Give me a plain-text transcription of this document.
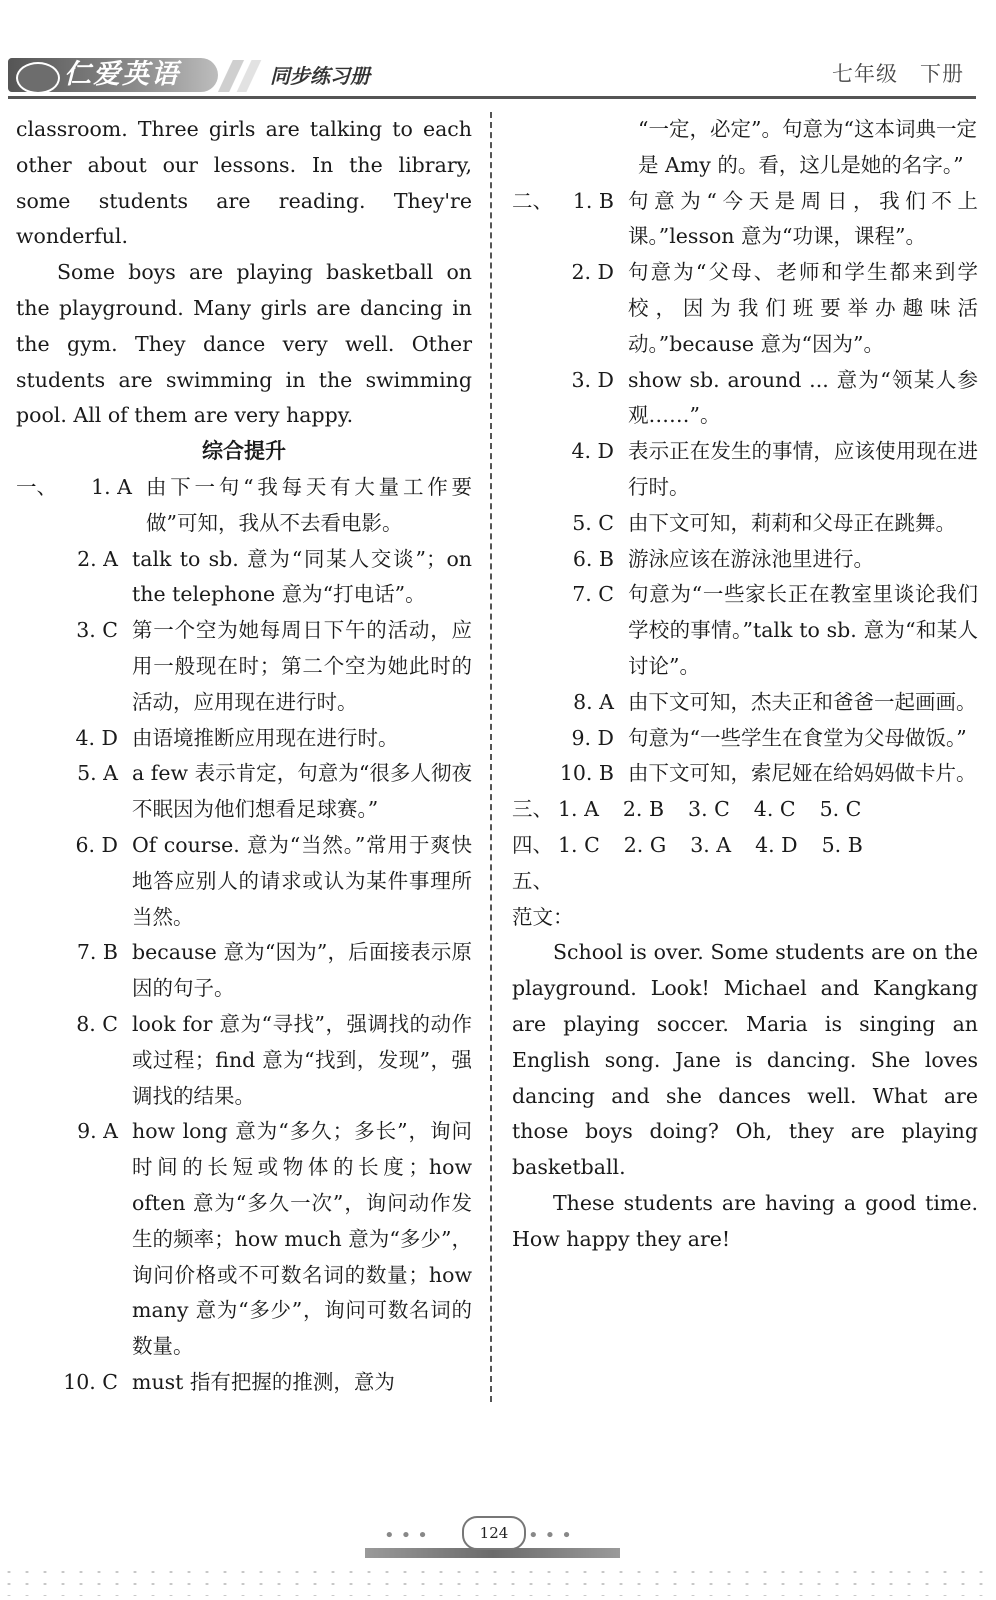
仁爱英语	同步练习册	七年级 下册

classroom. Three girls are talking to each other about our lessons. In the library, some students are reading. They're wonderful.

Some boys are playing basketball on the playground. Many girls are dancing in the gym. They dance very well. Other students are swimming in the swimming pool. All of them are very happy.

综合提升

一、	1. A 由下一句“我每天有大量工作要做”可知，我从不去看电影。
2. A talk to sb. 意为“同某人交谈”；on the telephone 意为“打电话”。
3. C 第一个空为她每周日下午的活动，应用一般现在时；第二个空为她此时的活动，应用现在进行时。
4. D 由语境推断应用现在进行时。
5. A a few 表示肯定，句意为“很多人彻夜不眠因为他们想看足球赛。”
6. D Of course. 意为“当然。”常用于爽快地答应别人的请求或认为某件事理所当然。
7. B because 意为“因为”，后面接表示原因的句子。
8. C look for 意为“寻找”，强调找的动作或过程；find 意为“找到，发现”，强调找的结果。
9. A how long 意为“多久；多长”，询问时间的长短或物体的长度；how often 意为“多久一次”，询问动作发生的频率；how much 意为“多少”，询问价格或不可数名词的数量；how many 意为“多少”，询问可数名词的数量。
10. C must 指有把握的推测，意为

“一定，必定”。句意为“这本词典一定是 Amy 的。看，这儿是她的名字。”

二、 1. B 句意为“今天是周日，我们不上课。”lesson 意为“功课，课程”。
2. D 句意为“父母、老师和学生都来到学校，因为我们班要举办趣味活动。”because 意为“因为”。
3. D show sb. around ... 意为“领某人参观……”。
4. D 表示正在发生的事情，应该使用现在进行时。
5. C 由下文可知，莉莉和父母正在跳舞。
6. B 游泳应该在游泳池里进行。
7. C 句意为“一些家长正在教室里谈论我们学校的事情。”talk to sb. 意为“和某人讨论”。
8. A 由下文可知，杰夫正和爸爸一起画画。
9. D 句意为“一些学生在食堂为父母做饭。”
10. B 由下文可知，索尼娅在给妈妈做卡片。
三、 1. A 2. B 3. C 4. C 5. C
四、 1. C 2. G 3. A 4. D 5. B

五、

范文：

School is over. Some students are on the playground. Look! Michael and Kangkang are playing soccer. Maria is singing an English song. Jane is dancing. She loves dancing and she dances well. What are those boys doing? Oh, they are playing basketball.

These students are having a good time. How happy they are!

•••	124	•••
